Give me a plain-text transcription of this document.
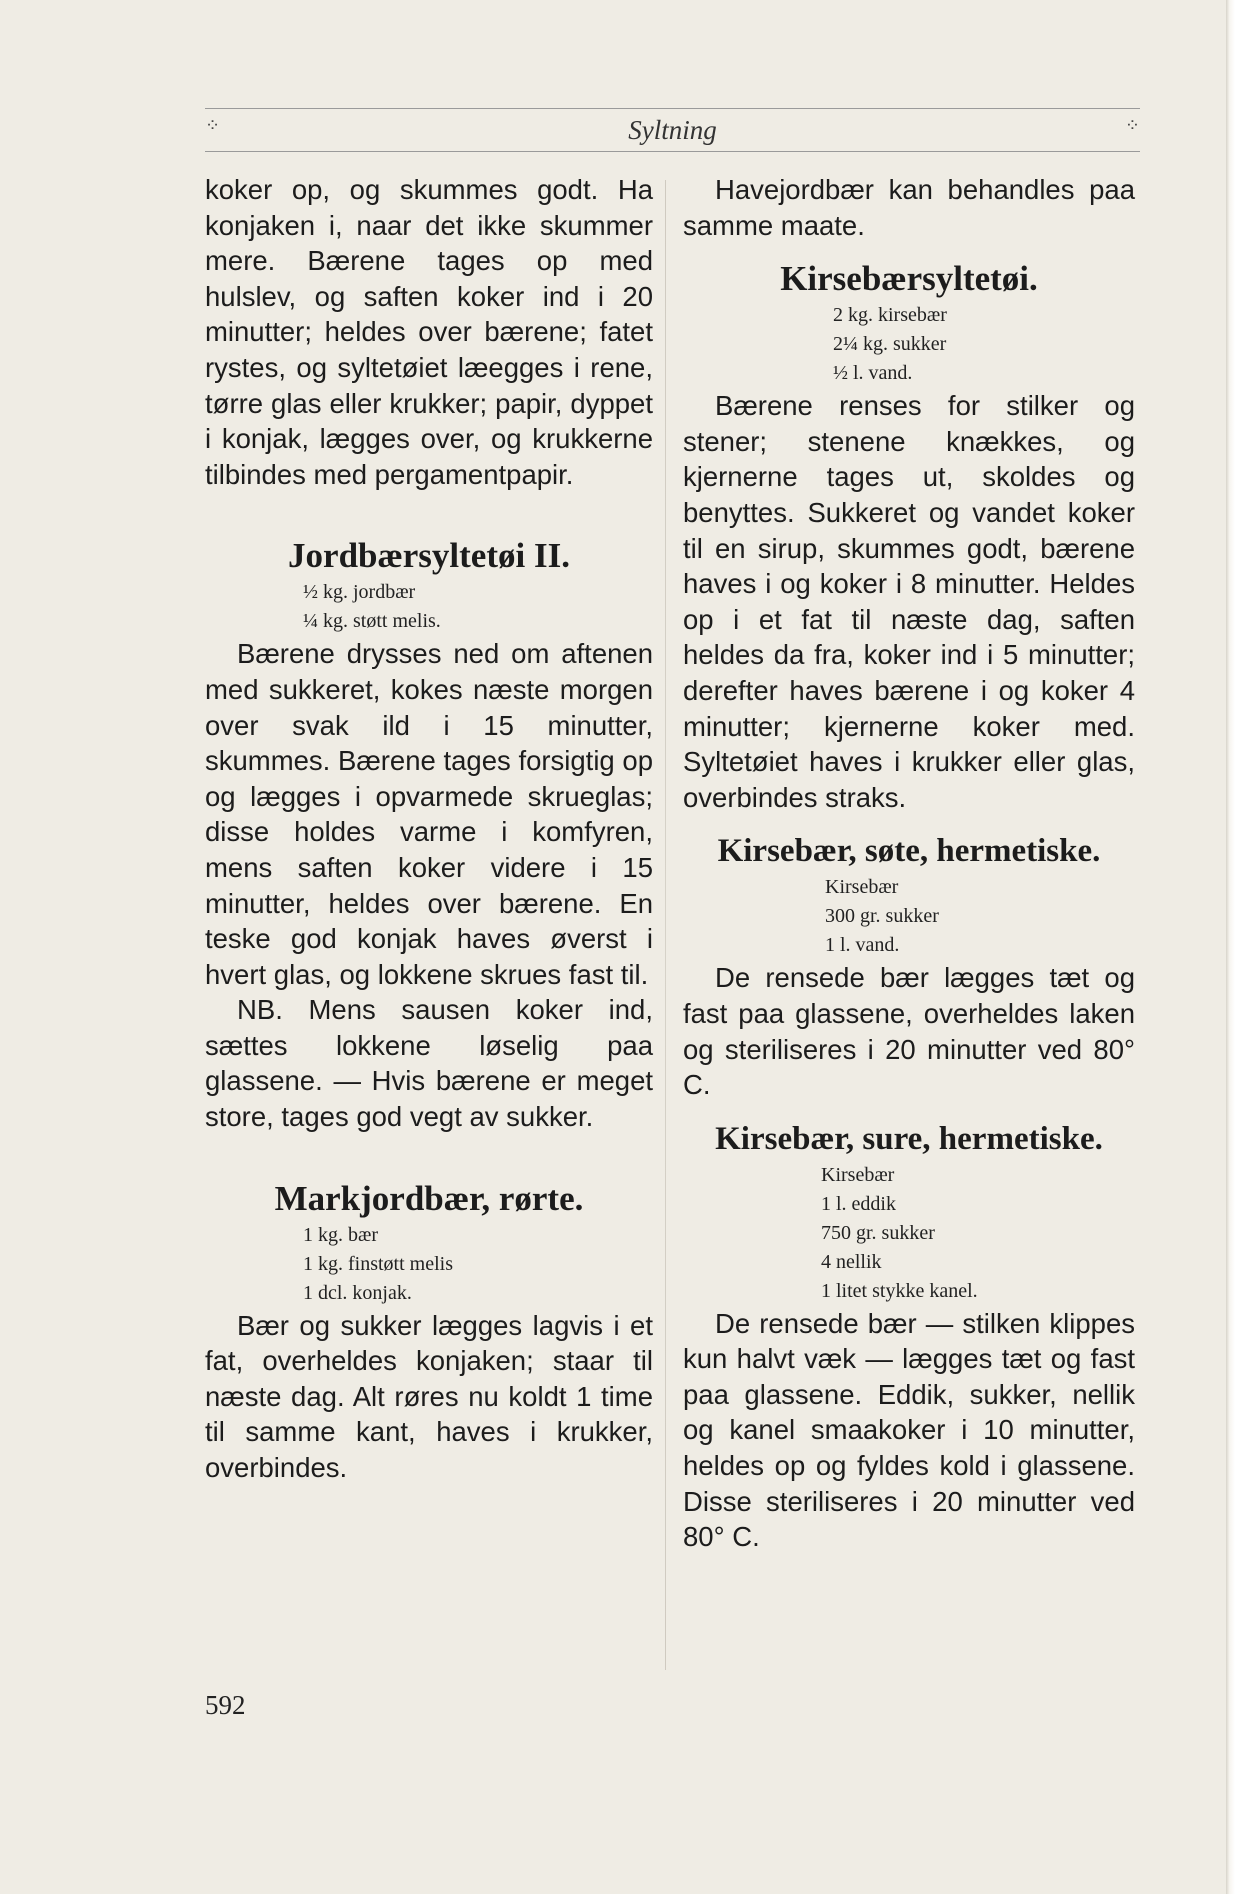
⁘	Syltning	⁘

koker op, og skummes godt. Ha konjaken i, naar det ikke skummer mere. Bærene tages op med hulslev, og saften koker ind i 20 minutter; heldes over bærene; fatet rystes, og syltetøiet læegges i rene, tørre glas eller krukker; papir, dyppet i konjak, lægges over, og krukkerne tilbindes med pergamentpapir.

Jordbærsyltetøi II.
½ kg. jordbær
¼ kg. støtt melis.

Bærene drysses ned om aftenen med sukkeret, kokes næste morgen over svak ild i 15 minutter, skummes. Bærene tages forsigtig op og lægges i opvarmede skrueglas; disse holdes varme i komfyren, mens saften koker videre i 15 minutter, heldes over bærene. En teske god konjak haves øverst i hvert glas, og lokkene skrues fast til.

NB. Mens sausen koker ind, sættes lokkene løselig paa glassene. — Hvis bærene er meget store, tages god vegt av sukker.

Markjordbær, rørte.
1 kg. bær
1 kg. finstøtt melis
1 dcl. konjak.

Bær og sukker lægges lagvis i et fat, overheldes konjaken; staar til næste dag. Alt røres nu koldt 1 time til samme kant, haves i krukker, overbindes.

Havejordbær kan behandles paa samme maate.

Kirsebærsyltetøi.
2 kg. kirsebær
2¼ kg. sukker
½ l. vand.

Bærene renses for stilker og stener; stenene knækkes, og kjernerne tages ut, skoldes og benyttes. Sukkeret og vandet koker til en sirup, skummes godt, bærene haves i og koker i 8 minutter. Heldes op i et fat til næste dag, saften heldes da fra, koker ind i 5 minutter; derefter haves bærene i og koker 4 minutter; kjernerne koker med. Syltetøiet haves i krukker eller glas, overbindes straks.

Kirsebær, søte, hermetiske.
Kirsebær
300 gr. sukker
1 l. vand.

De rensede bær lægges tæt og fast paa glassene, overheldes laken og steriliseres i 20 minutter ved 80° C.

Kirsebær, sure, hermetiske.
Kirsebær
1 l. eddik
750 gr. sukker
4 nellik
1 litet stykke kanel.

De rensede bær — stilken klippes kun halvt væk — lægges tæt og fast paa glassene. Eddik, sukker, nellik og kanel smaakoker i 10 minutter, heldes op og fyldes kold i glassene. Disse steriliseres i 20 minutter ved 80° C.

592
